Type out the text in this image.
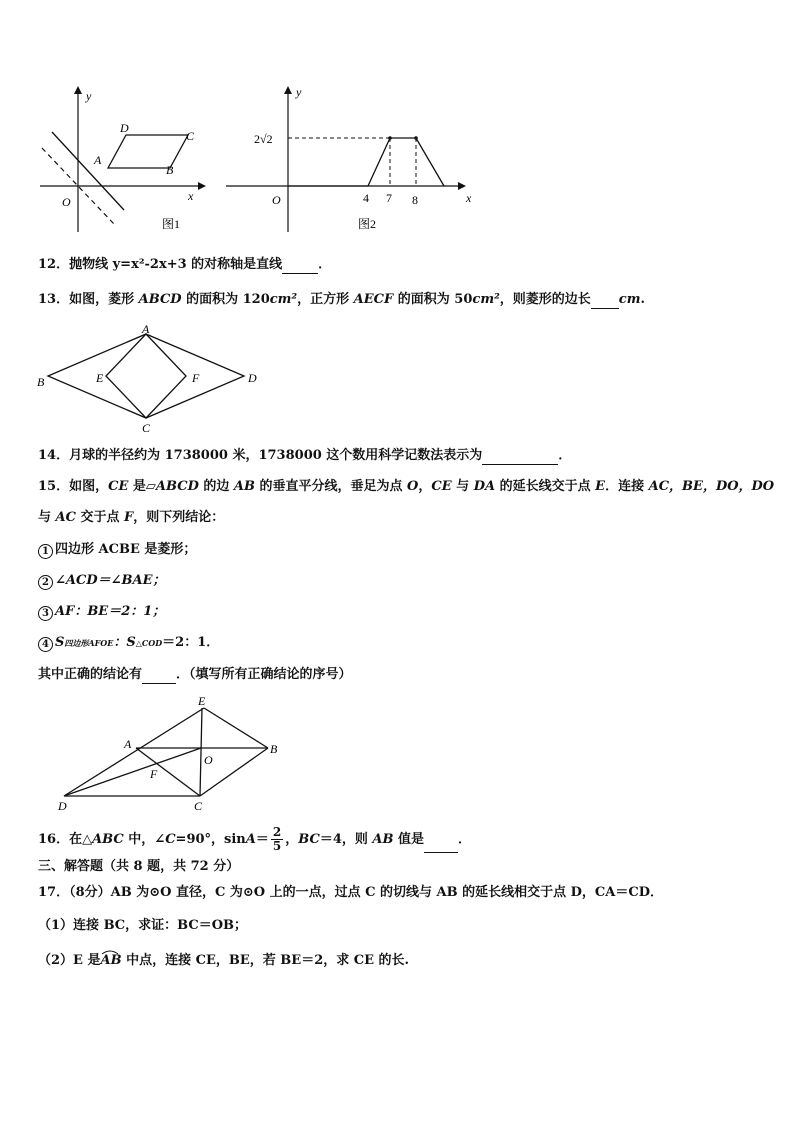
y
x
O
A
D
C
B
图1
y
x
O
2√2
4 7 8
图2
12．抛物线 y=x²-2x+3 的对称轴是直线	．
13．如图，菱形 ABCD 的面积为 120cm²，正方形 AECF 的面积为 50cm²，则菱形的边长 cm.
A
B
C
D
E	F
14．月球的半径约为 1738000 米，1738000 这个数用科学记数法表示为	．
15．如图，CE 是▱ABCD 的边 AB 的垂直平分线，垂足为点 O，CE 与 DA 的延长线交于点 E．连接 AC，BE，DO，DO
与 AC 交于点 F，则下列结论：
1 四边形 ACBE 是菱形；
2 ∠ACD＝∠BAE；
3 AF：BE＝2：1；
4 S四边形AFOE：S△COD＝2：1．
其中正确的结论有	．（填写所有正确结论的序号）
E
A	B
O
F
D	C
16．在△ABC 中，∠C=90°，$\sin A= \frac{2}{5}$ ，BC＝4，则 AB 值是	．
三、解答题（共 8 题，共 72 分）
17．（8分）AB 为⊙O 直径，C 为⊙O 上的一点，过点 C 的切线与 AB 的延长线相交于点 D，CA＝CD．
（1）连接 BC，求证：BC＝OB；
（2）E 是
AB 中点，连接 CE，BE，若 BE＝2，求 CE 的长.
